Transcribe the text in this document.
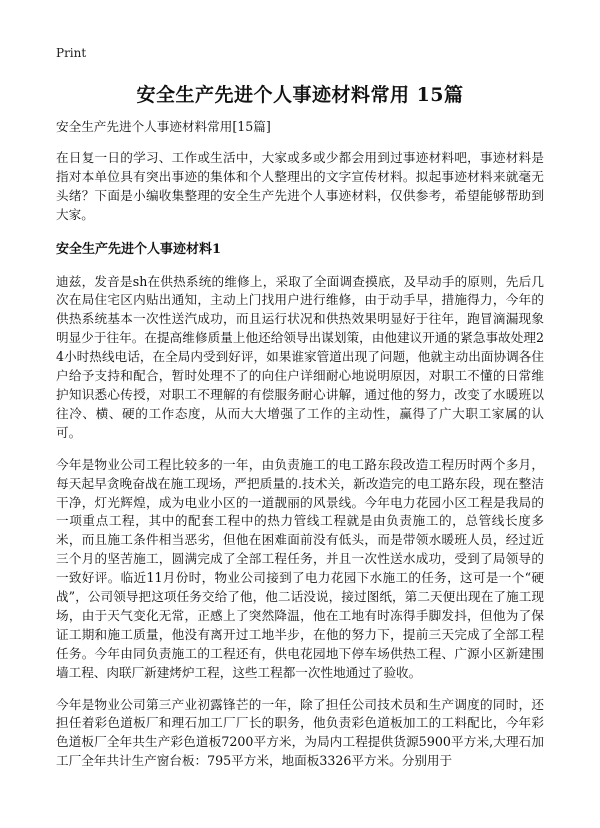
Print
安全生产先进个人事迹材料常用 15篇

安全生产先进个人事迹材料常用[15篇]

在日复一日的学习、工作或生活中，大家或多或少都会用到过事迹材料吧，事迹材料是指对本单位具有突出事迹的集体和个人整理出的文字宣传材料。拟起事迹材料来就毫无头绪？下面是小编收集整理的安全生产先进个人事迹材料，仅供参考，希望能够帮助到大家。

安全生产先进个人事迹材料1

迪兹，发音是sh在供热系统的维修上，采取了全面调查摸底，及早动手的原则，先后几次在局住宅区内贴出通知，主动上门找用户进行维修，由于动手早，措施得力，今年的供热系统基本一次性送汽成功，而且运行状况和供热效果明显好于往年，跑冒滴漏现象明显少于往年。在提高维修质量上他还给领导出谋划策，由他建议开通的紧急事故处理24小时热线电话，在全局内受到好评，如果谁家管道出现了问题，他就主动出面协调各住户给予支持和配合，暂时处理不了的向住户详细耐心地说明原因，对职工不懂的日常维护知识悉心传授，对职工不理解的有偿服务耐心讲解，通过他的努力，改变了水暖班以往冷、横、硬的工作态度，从而大大增强了工作的主动性，赢得了广大职工家属的认可。

今年是物业公司工程比较多的一年，由负责施工的电工路东段改造工程历时两个多月，每天起早贪晚奋战在施工现场，严把质量的.技术关，新改造完的电工路东段，现在整洁干净，灯光辉煌，成为电业小区的一道靓丽的风景线。今年电力花园小区工程是我局的一项重点工程，其中的配套工程中的热力管线工程就是由负责施工的，总管线长度多米，而且施工条件相当恶劣，但他在困难面前没有低头，而是带领水暖班人员，经过近三个月的坚苦施工，圆满完成了全部工程任务，并且一次性送水成功，受到了局领导的一致好评。临近11月份时，物业公司接到了电力花园下水施工的任务，这可是一个“硬战”，公司领导把这项任务交给了他，他二话没说，接过图纸，第二天便出现在了施工现场，由于天气变化无常，正感上了突然降温，他在工地有时冻得手脚发抖，但他为了保证工期和施工质量，他没有离开过工地半步，在他的努力下，提前三天完成了全部工程任务。今年由同负责施工的工程还有，供电花园地下停车场供热工程、广源小区新建围墙工程、肉联厂新建烤炉工程，这些工程都一次性地通过了验收。

今年是物业公司第三产业初露锋芒的一年，除了担任公司技术员和生产调度的同时，还担任着彩色道板厂和理石加工厂厂长的职务，他负责彩色道板加工的工料配比，今年彩色道板厂全年共生产彩色道板7200平方米，为局内工程提供货源5900平方米,大理石加工厂全年共计生产窗台板：795平方米，地面板3326平方米。分别用于
